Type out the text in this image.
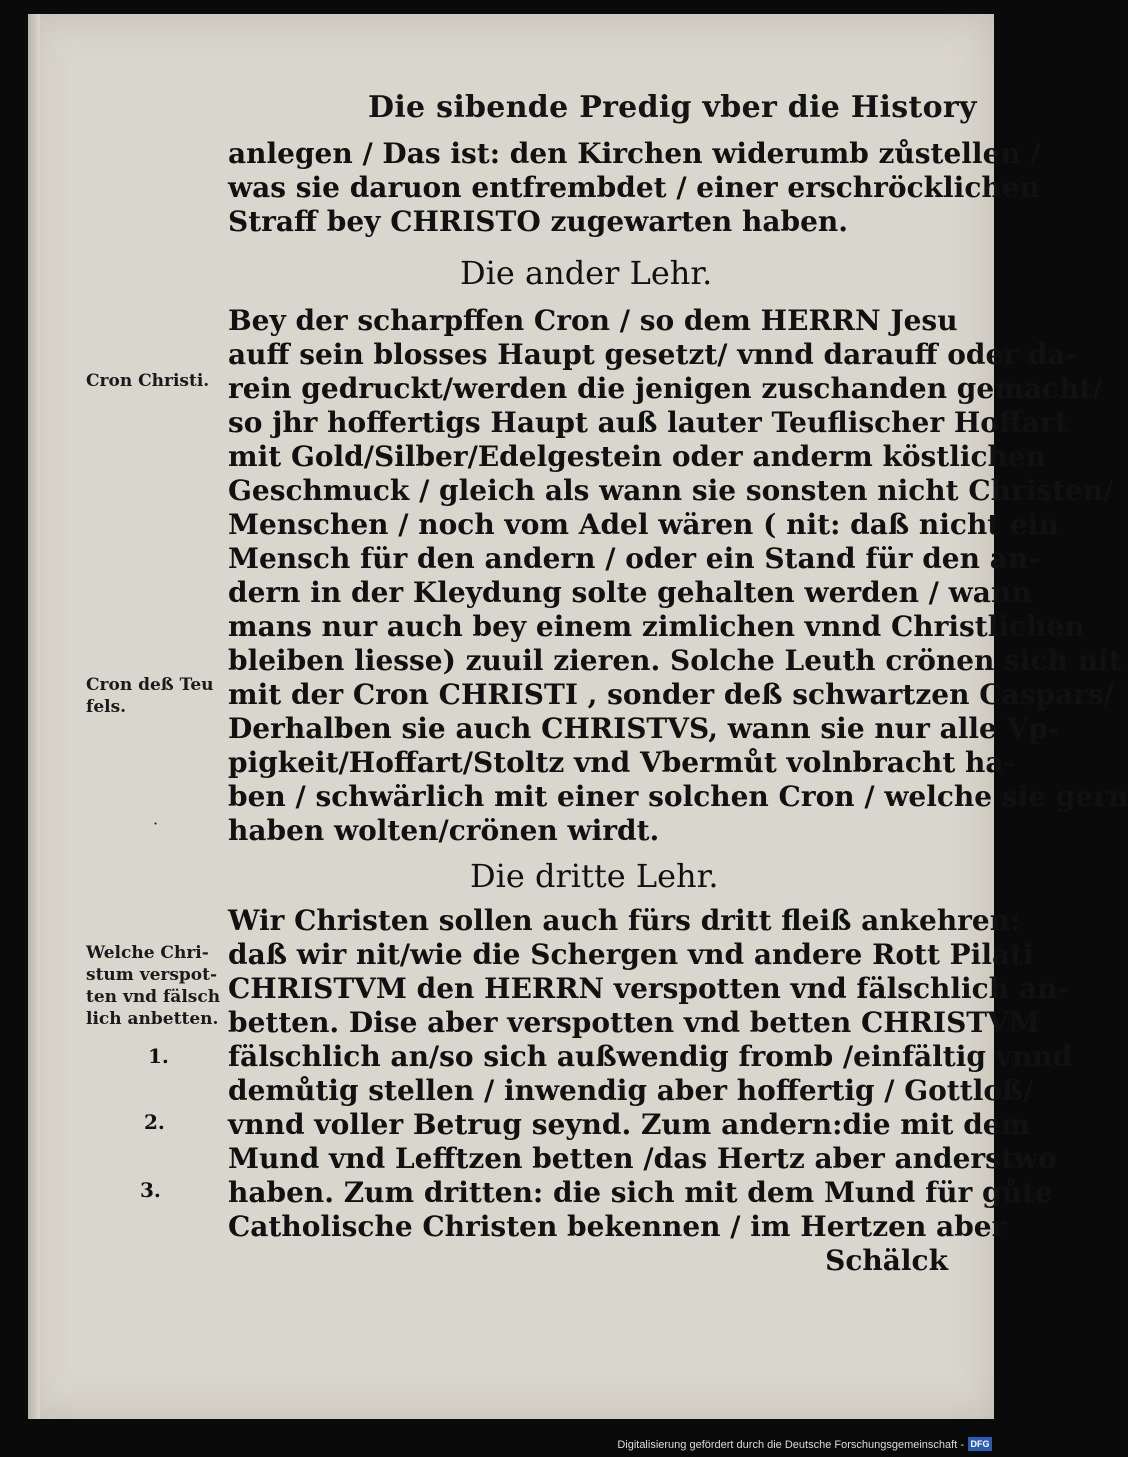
Die sibende Predig vber die History
anlegen / Das ist: den Kirchen widerumb zůstellen /
was sie daruon entfrembdet / einer erschröcklichen
Straff bey CHRISTO zugewarten haben.
Bey der scharpffen Cron / so dem HERRN Jesu
auff sein blosses Haupt gesetzt/ vnnd darauff oder da-
rein gedruckt/werden die jenigen zuschanden gemacht/
so jhr hoffertigs Haupt auß lauter Teuflischer Hoffart
mit Gold/Silber/Edelgestein oder anderm köstlichen
Geschmuck / gleich als wann sie sonsten nicht Christen/
Menschen / noch vom Adel wären ( nit: daß nicht ein
Mensch für den andern / oder ein Stand für den an-
dern in der Kleydung solte gehalten werden / wann
mans nur auch bey einem zimlichen vnnd Christlichen
bleiben liesse) zuuil zieren. Solche Leuth crönen sich nit
mit der Cron CHRISTI , sonder deß schwartzen Caspars/
Derhalben sie auch CHRISTVS, wann sie nur alle Vp-
pigkeit/Hoffart/Stoltz vnd Vbermůt volnbracht ha-
ben / schwärlich mit einer solchen Cron / welche sie gern
haben wolten/crönen wirdt.
Wir Christen sollen auch fürs dritt fleiß ankehren:
daß wir nit/wie die Schergen vnd andere Rott Pilati
CHRISTVM den HERRN verspotten vnd fälschlich an-
betten. Dise aber verspotten vnd betten CHRISTVM
fälschlich an/so sich außwendig fromb /einfältig vnnd
demůtig stellen / inwendig aber hoffertig / Gottloß/
vnnd voller Betrug seynd. Zum andern:die mit dem
Mund vnd Lefftzen betten /das Hertz aber anderstwo
haben. Zum dritten: die sich mit dem Mund für gůte
Catholische Christen bekennen / im Hertzen aber
Schälck
Die ander Lehr.
Die dritte Lehr.
Cron Christi.
Cron deß Teu fels.
Welche Chri- stum verspot- ten vnd fälsch lich anbetten.
1.
2.
3.
·
Digitalisierung gefördert durch die Deutsche Forschungsgemeinschaft - DFG
